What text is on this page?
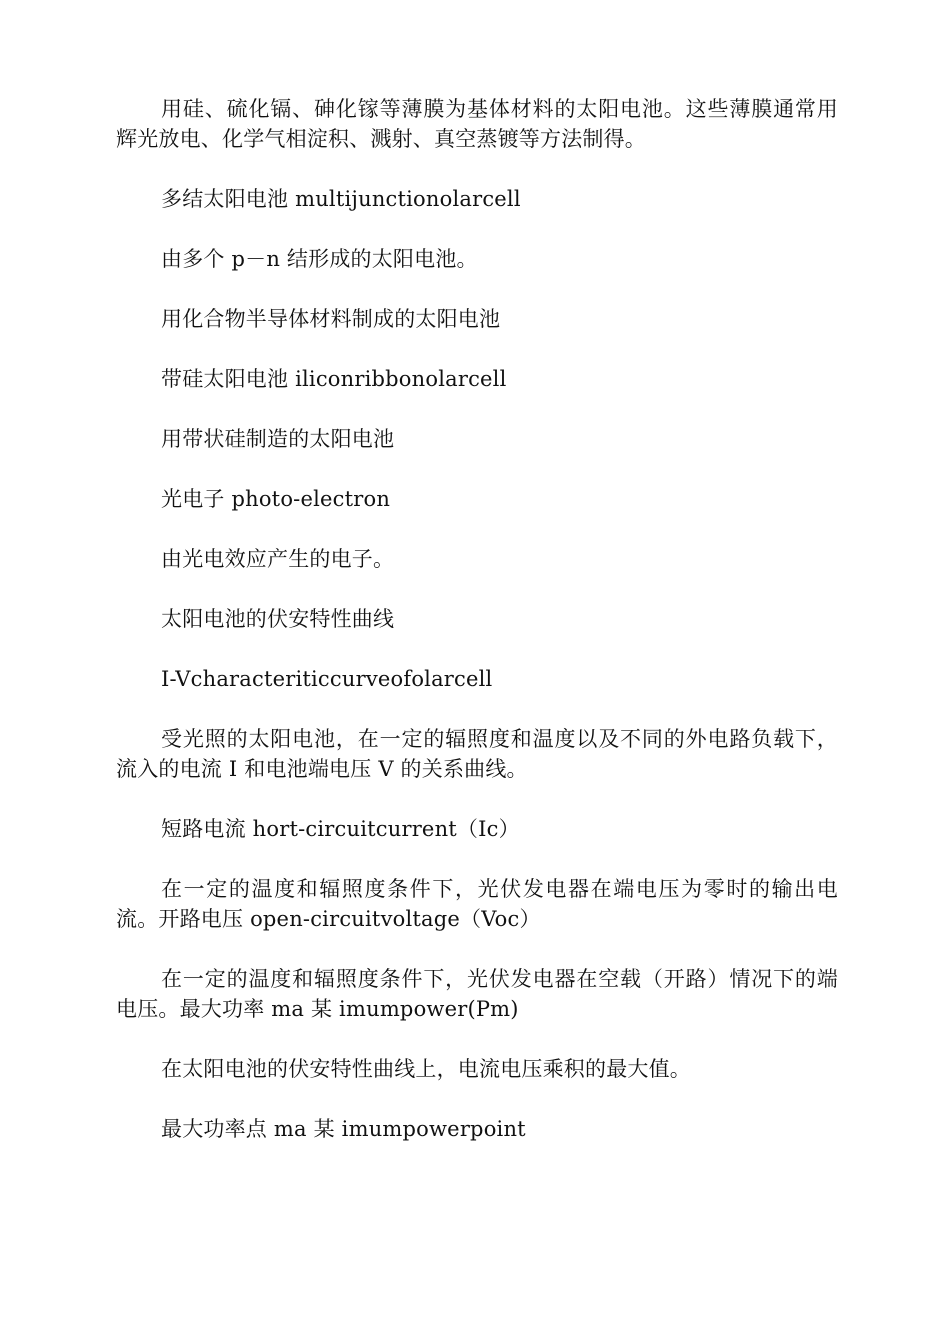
用硅、硫化镉、砷化镓等薄膜为基体材料的太阳电池。这些薄膜通常用辉光放电、化学气相淀积、溅射、真空蒸镀等方法制得。

多结太阳电池 multijunctionolarcell

由多个 p－n 结形成的太阳电池。

用化合物半导体材料制成的太阳电池

带硅太阳电池 iliconribbonolarcell

用带状硅制造的太阳电池

光电子 photo-electron

由光电效应产生的电子。

太阳电池的伏安特性曲线

I-Vcharacteriticcurveofolarcell

受光照的太阳电池，在一定的辐照度和温度以及不同的外电路负载下，流入的电流 I 和电池端电压 V 的关系曲线。

短路电流 hort-circuitcurrent（Ic）

在一定的温度和辐照度条件下，光伏发电器在端电压为零时的输出电流。开路电压 open-circuitvoltage（Voc）

在一定的温度和辐照度条件下，光伏发电器在空载（开路）情况下的端电压。最大功率 ma 某 imumpower(Pm)

在太阳电池的伏安特性曲线上，电流电压乘积的最大值。

最大功率点 ma 某 imumpowerpoint
